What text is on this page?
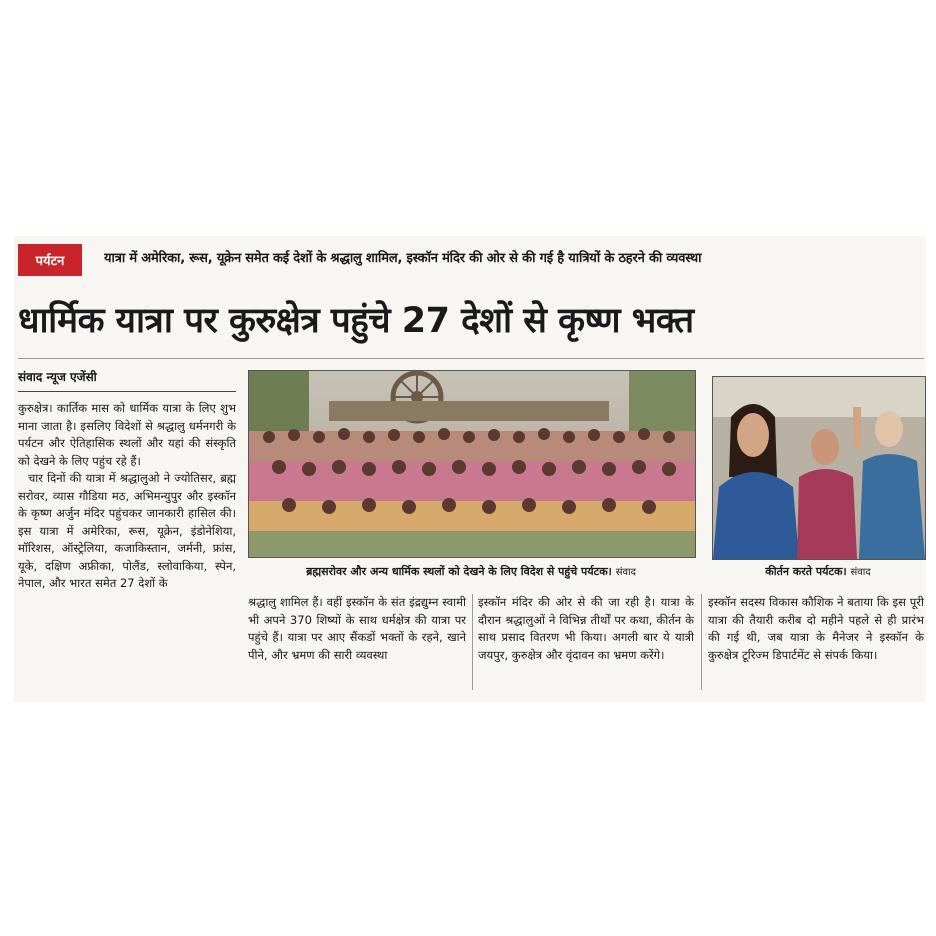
पर्यटन	यात्रा में अमेरिका, रूस, यूक्रेन समेत कई देशों के श्रद्धालु शामिल, इस्कॉन मंदिर की ओर से की गई है यात्रियों के ठहरने की व्यवस्था
धार्मिक यात्रा पर कुरुक्षेत्र पहुंचे 27 देशों से कृष्ण भक्त
संवाद न्यूज एजेंसी

कुरुक्षेत्र। कार्तिक मास को धार्मिक यात्रा के लिए शुभ माना जाता है। इसलिए विदेशों से श्रद्धालु धर्मनगरी के पर्यटन और ऐतिहासिक स्थलों और यहां की संस्कृति को देखने के लिए पहुंच रहे हैं।

चार दिनों की यात्रा में श्रद्धालुओ ने ज्योतिसर, ब्रह्म सरोवर, व्यास गौडिया मठ, अभिमन्युपुर और इस्कॉन के कृष्ण अर्जुन मंदिर पहुंचकर जानकारी हासिल की। इस यात्रा में अमेरिका, रूस, यूक्रेन, इंडोनेशिया, मॉरिशस, ऑस्ट्रेलिया, कजाकिस्तान, जर्मनी, फ्रांस, यूके, दक्षिण अफ्रीका, पोलैंड, स्लोवाकिया, स्पेन, नेपाल, और भारत समेत 27 देशों के

ब्रह्मसरोवर और अन्य धार्मिक स्थलों को देखने के लिए विदेश से पहुंचे पर्यटक। संवाद	कीर्तन करते पर्यटक। संवाद

श्रद्धालु शामिल हैं। वहीं इस्कॉन के संत इंद्रद्युम्न स्वामी भी अपने 370 शिष्यों के साथ धर्मक्षेत्र की यात्रा पर पहुंचे हैं। यात्रा पर आए सैंकडों भक्तों के रहने, खाने पीने, और भ्रमण की सारी व्यवस्था

इस्कॉन मंदिर की ओर से की जा रही है। यात्रा के दौरान श्रद्धालुओं ने विभिन्न तीर्थों पर कथा, कीर्तन के साथ प्रसाद वितरण भी किया। अगली बार ये यात्री जयपुर, कुरुक्षेत्र और वृंदावन का भ्रमण करेंगे।

इस्कॉन सदस्य विकास कौशिक ने बताया कि इस पूरी यात्रा की तैयारी करीब दो महीने पहले से ही प्रारंभ की गई थी, जब यात्रा के मैनेजर ने इस्कॉन के कुरुक्षेत्र टूरिज्म डिपार्टमेंट से संपर्क किया।
